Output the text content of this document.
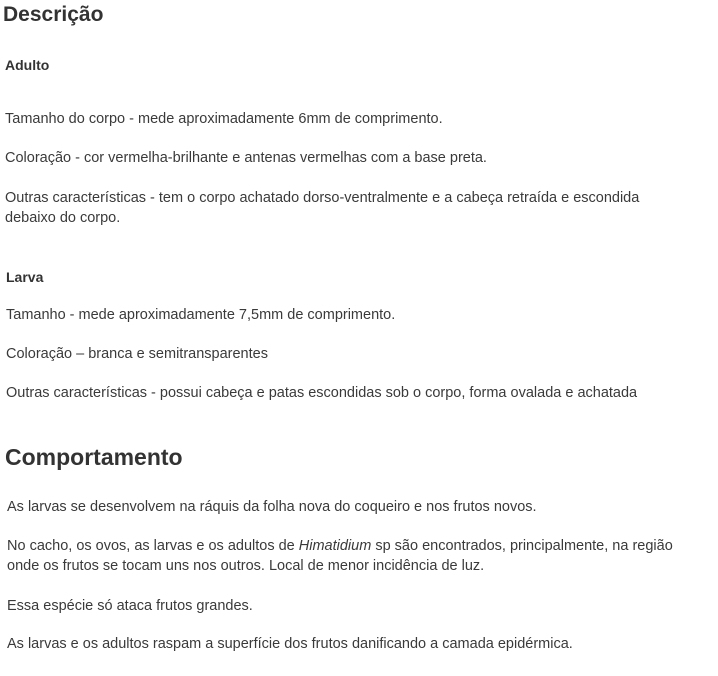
Descrição
Adulto
Tamanho do corpo - mede aproximadamente 6mm de comprimento.
Coloração - cor vermelha-brilhante e antenas vermelhas com a base preta.
Outras características - tem o corpo achatado dorso-ventralmente e a cabeça retraída e escondida
debaixo do corpo.
Larva
Tamanho - mede aproximadamente 7,5mm de comprimento.
Coloração – branca e semitransparentes
Outras características - possui cabeça e patas escondidas sob o corpo, forma ovalada e achatada
Comportamento
As larvas se desenvolvem na ráquis da folha nova do coqueiro e nos frutos novos.
No cacho, os ovos, as larvas e os adultos de Himatidium sp são encontrados, principalmente, na região
onde os frutos se tocam uns nos outros. Local de menor incidência de luz.
Essa espécie só ataca frutos grandes.
As larvas e os adultos raspam a superfície dos frutos danificando a camada epidérmica.
